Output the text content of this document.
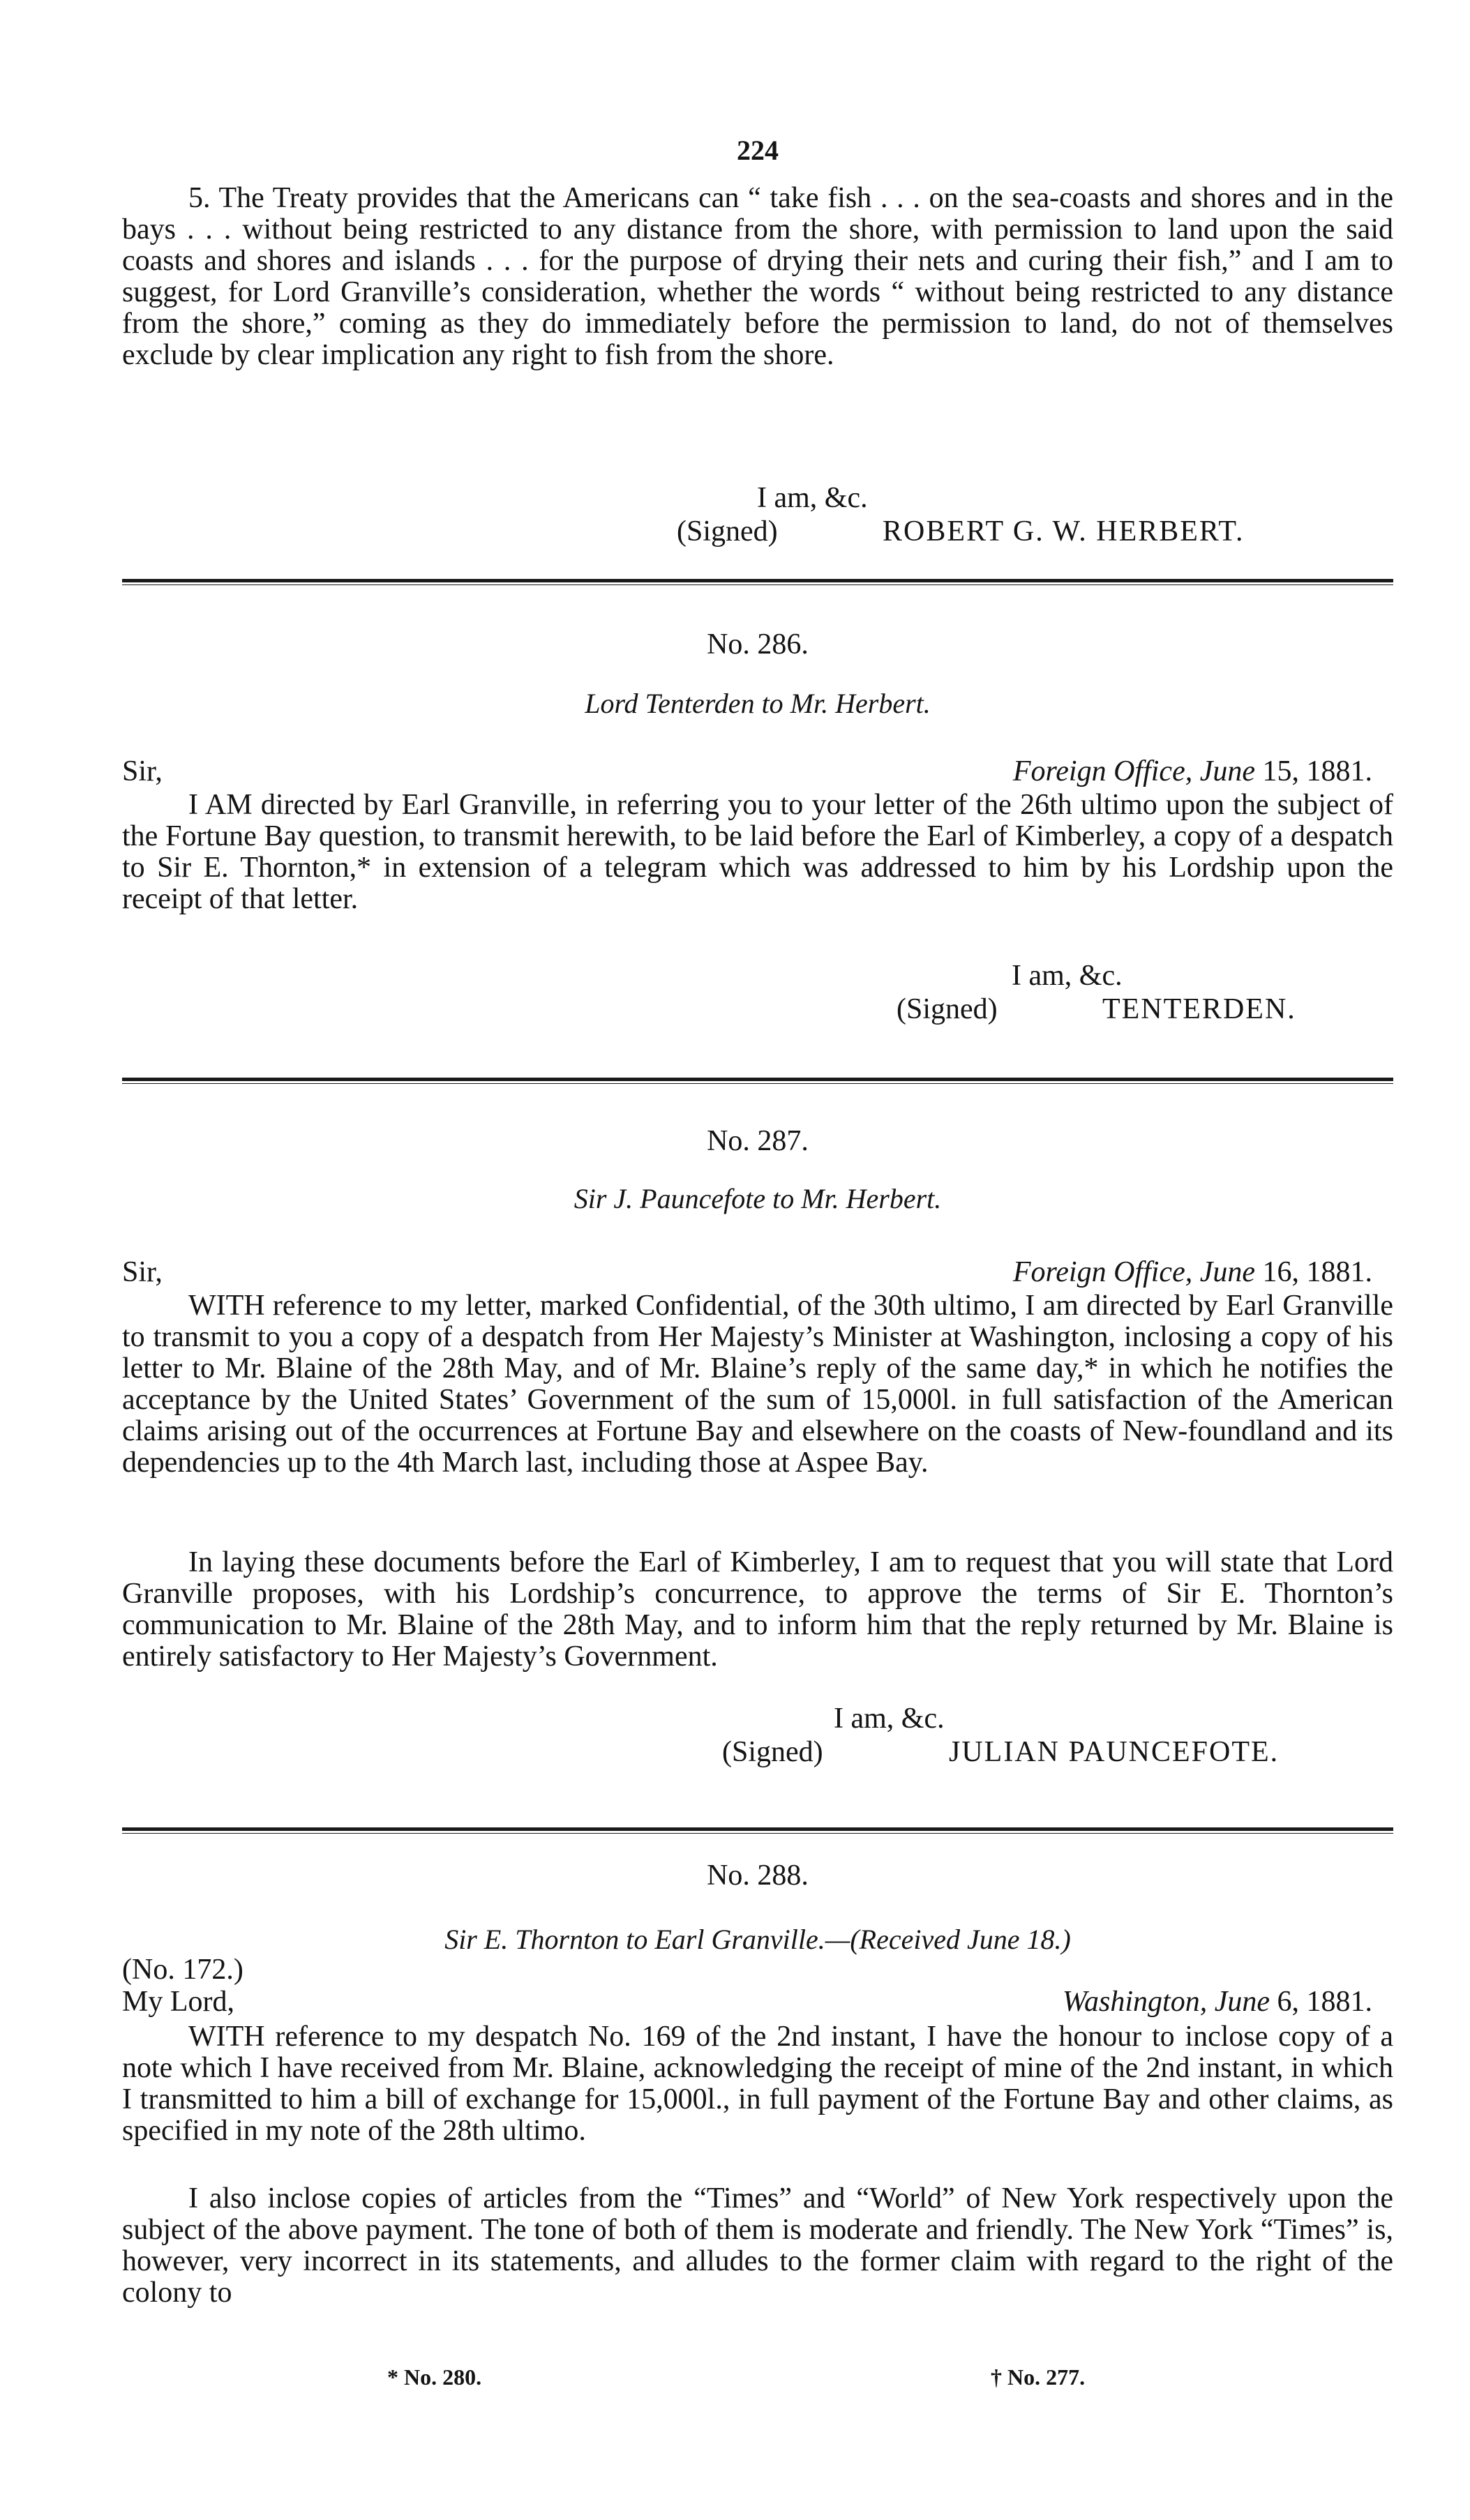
224

5. The Treaty provides that the Americans can “ take fish . . . on the sea-coasts and shores and in the bays . . . without being restricted to any distance from the shore, with permission to land upon the said coasts and shores and islands . . . for the purpose of drying their nets and curing their fish,” and I am to suggest, for Lord Granville’s consideration, whether the words “ without being restricted to any distance from the shore,” coming as they do immediately before the permission to land, do not of themselves exclude by clear implication any right to fish from the shore.

I am, &c.
(Signed)	ROBERT G. W. HERBERT.
No. 286.
Lord Tenterden to Mr. Herbert.
Sir,	Foreign Office, June 15, 1881.

I AM directed by Earl Granville, in referring you to your letter of the 26th ultimo upon the subject of the Fortune Bay question, to transmit herewith, to be laid before the Earl of Kimberley, a copy of a despatch to Sir E. Thornton,* in extension of a telegram which was addressed to him by his Lordship upon the receipt of that letter.

I am, &c.
(Signed)	TENTERDEN.
No. 287.
Sir J. Pauncefote to Mr. Herbert.
Sir,	Foreign Office, June 16, 1881.

WITH reference to my letter, marked Confidential, of the 30th ultimo, I am directed by Earl Granville to transmit to you a copy of a despatch from Her Majesty’s Minister at Washington, inclosing a copy of his letter to Mr. Blaine of the 28th May, and of Mr. Blaine’s reply of the same day,* in which he notifies the acceptance by the United States’ Government of the sum of 15,000l. in full satisfaction of the American claims arising out of the occurrences at Fortune Bay and elsewhere on the coasts of New-foundland and its dependencies up to the 4th March last, including those at Aspee Bay.

In laying these documents before the Earl of Kimberley, I am to request that you will state that Lord Granville proposes, with his Lordship’s concurrence, to approve the terms of Sir E. Thornton’s communication to Mr. Blaine of the 28th May, and to inform him that the reply returned by Mr. Blaine is entirely satisfactory to Her Majesty’s Government.

I am, &c.
(Signed)	JULIAN PAUNCEFOTE.
No. 288.
Sir E. Thornton to Earl Granville.—(Received June 18.)
(No. 172.)
My Lord,	Washington, June 6, 1881.

WITH reference to my despatch No. 169 of the 2nd instant, I have the honour to inclose copy of a note which I have received from Mr. Blaine, acknowledging the receipt of mine of the 2nd instant, in which I transmitted to him a bill of exchange for 15,000l., in full payment of the Fortune Bay and other claims, as specified in my note of the 28th ultimo.

I also inclose copies of articles from the “Times” and “World” of New York respectively upon the subject of the above payment. The tone of both of them is moderate and friendly. The New York “Times” is, however, very incorrect in its statements, and alludes to the former claim with regard to the right of the colony to

* No. 280.	† No. 277.
